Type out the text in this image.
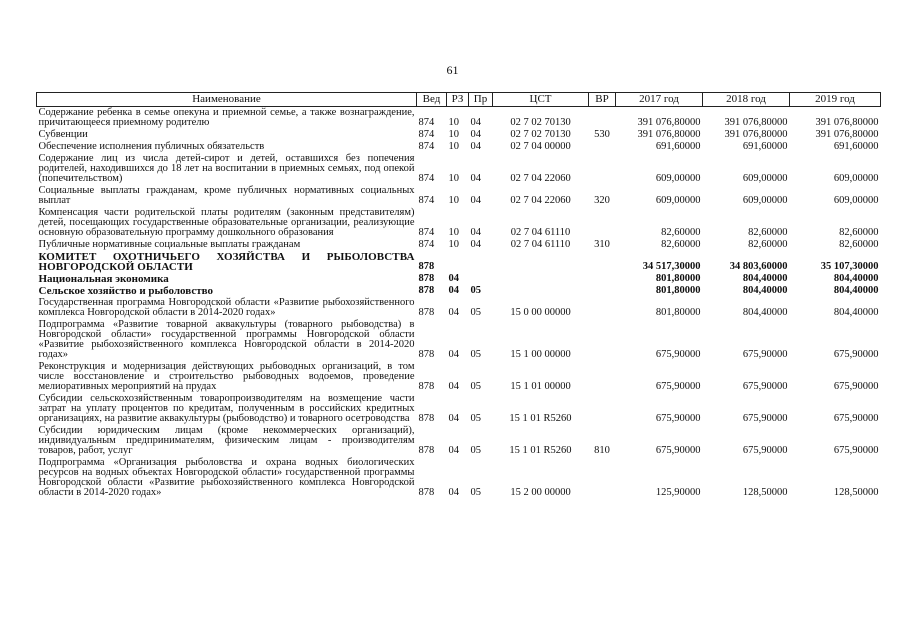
61
Наименование	Вед	РЗ	Пр	ЦСТ	ВР	2017 год	2018 год	2019 год
Содержание ребенка в семье опекуна и приемной семье, а также вознаграждение, причитающееся приемному родителю	874	10	04	02 7 02 70130		391 076,80000	391 076,80000	391 076,80000
Субвенции	874	10	04	02 7 02 70130	530	391 076,80000	391 076,80000	391 076,80000
Обеспечение исполнения публичных обязательств	874	10	04	02 7 04 00000		691,60000	691,60000	691,60000
Содержание лиц из числа детей-сирот и детей, оставшихся без попечения родителей, находившихся до 18 лет на воспитании в приемных семьях, под опекой (попечительством)	874	10	04	02 7 04 22060		609,00000	609,00000	609,00000
Социальные выплаты гражданам, кроме публичных нормативных социальных выплат	874	10	04	02 7 04 22060	320	609,00000	609,00000	609,00000
Компенсация части родительской платы родителям (законным представителям) детей, посещающих государственные образовательные организации, реализующие основную образовательную программу дошкольного образования	874	10	04	02 7 04 61110		82,60000	82,60000	82,60000
Публичные нормативные социальные выплаты гражданам	874	10	04	02 7 04 61110	310	82,60000	82,60000	82,60000
КОМИТЕТ ОХОТНИЧЬЕГО ХОЗЯЙСТВА И РЫБОЛОВСТВА НОВГОРОДСКОЙ ОБЛАСТИ	878					34 517,30000	34 803,60000	35 107,30000
Национальная экономика	878	04				801,80000	804,40000	804,40000
Сельское хозяйство и рыболовство	878	04	05			801,80000	804,40000	804,40000
Государственная программа Новгородской области «Развитие рыбохозяйственного комплекса Новгородской области в 2014-2020 годах»	878	04	05	15 0 00 00000		801,80000	804,40000	804,40000
Подпрограмма «Развитие товарной аквакультуры (товарного рыбоводства) в Новгородской области» государственной программы Новгородской области «Развитие рыбохозяйственного комплекса Новгородской области в 2014-2020 годах»	878	04	05	15 1 00 00000		675,90000	675,90000	675,90000
Реконструкция и модернизация действующих рыбоводных организаций, в том числе восстановление и строительство рыбоводных водоемов, проведение мелиоративных мероприятий на прудах	878	04	05	15 1 01 00000		675,90000	675,90000	675,90000
Субсидии сельскохозяйственным товаропроизводителям на возмещение части затрат на уплату процентов по кредитам, полученным в российских кредитных организациях, на развитие аквакультуры (рыбоводство) и товарного осетроводства	878	04	05	15 1 01 R5260		675,90000	675,90000	675,90000
Субсидии юридическим лицам (кроме некоммерческих организаций), индивидуальным предпринимателям, физическим лицам - производителям товаров, работ, услуг	878	04	05	15 1 01 R5260	810	675,90000	675,90000	675,90000
Подпрограмма «Организация рыболовства и охрана водных биологических ресурсов на водных объектах Новгородской области» государственной программы Новгородской области «Развитие рыбохозяйственного комплекса Новгородской области в 2014-2020 годах»	878	04	05	15 2 00 00000		125,90000	128,50000	128,50000
